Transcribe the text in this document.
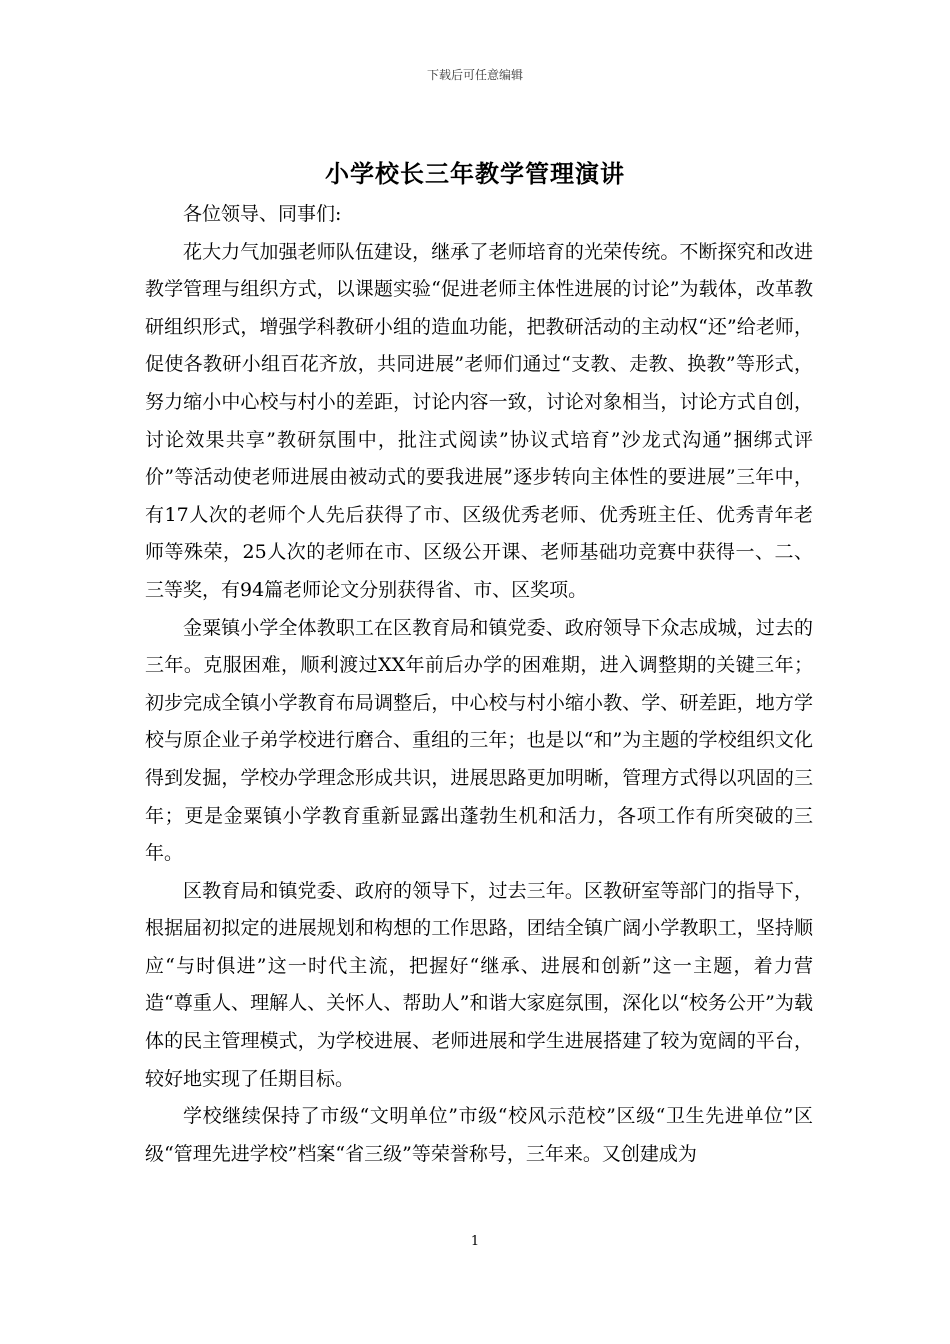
下载后可任意编辑
小学校长三年教学管理演讲

各位领导、同事们:

花大力气加强老师队伍建设，继承了老师培育的光荣传统。不断探究和改进教学管理与组织方式，以课题实验“促进老师主体性进展的讨论”为载体，改革教研组织形式，增强学科教研小组的造血功能，把教研活动的主动权“还”给老师，促使各教研小组百花齐放，共同进展”老师们通过“支教、走教、换教”等形式，努力缩小中心校与村小的差距，讨论内容一致，讨论对象相当，讨论方式自创，讨论效果共享”教研氛围中，批注式阅读”协议式培育”沙龙式沟通”捆绑式评价”等活动使老师进展由被动式的要我进展”逐步转向主体性的要进展”三年中，有17人次的老师个人先后获得了市、区级优秀老师、优秀班主任、优秀青年老师等殊荣，25人次的老师在市、区级公开课、老师基础功竞赛中获得一、二、三等奖，有94篇老师论文分别获得省、市、区奖项。

金粟镇小学全体教职工在区教育局和镇党委、政府领导下众志成城，过去的三年。克服困难，顺利渡过XX年前后办学的困难期，进入调整期的关键三年；初步完成全镇小学教育布局调整后，中心校与村小缩小教、学、研差距，地方学校与原企业子弟学校进行磨合、重组的三年；也是以“和”为主题的学校组织文化得到发掘，学校办学理念形成共识，进展思路更加明晰，管理方式得以巩固的三年；更是金粟镇小学教育重新显露出蓬勃生机和活力，各项工作有所突破的三年。

区教育局和镇党委、政府的领导下，过去三年。区教研室等部门的指导下，根据届初拟定的进展规划和构想的工作思路，团结全镇广阔小学教职工，坚持顺应“与时俱进”这一时代主流，把握好“继承、进展和创新”这一主题，着力营造“尊重人、理解人、关怀人、帮助人”和谐大家庭氛围，深化以“校务公开”为载体的民主管理模式，为学校进展、老师进展和学生进展搭建了较为宽阔的平台，较好地实现了任期目标。

学校继续保持了市级“文明单位”市级“校风示范校”区级“卫生先进单位”区级“管理先进学校”档案“省三级”等荣誉称号，三年来。又创建成为

1
